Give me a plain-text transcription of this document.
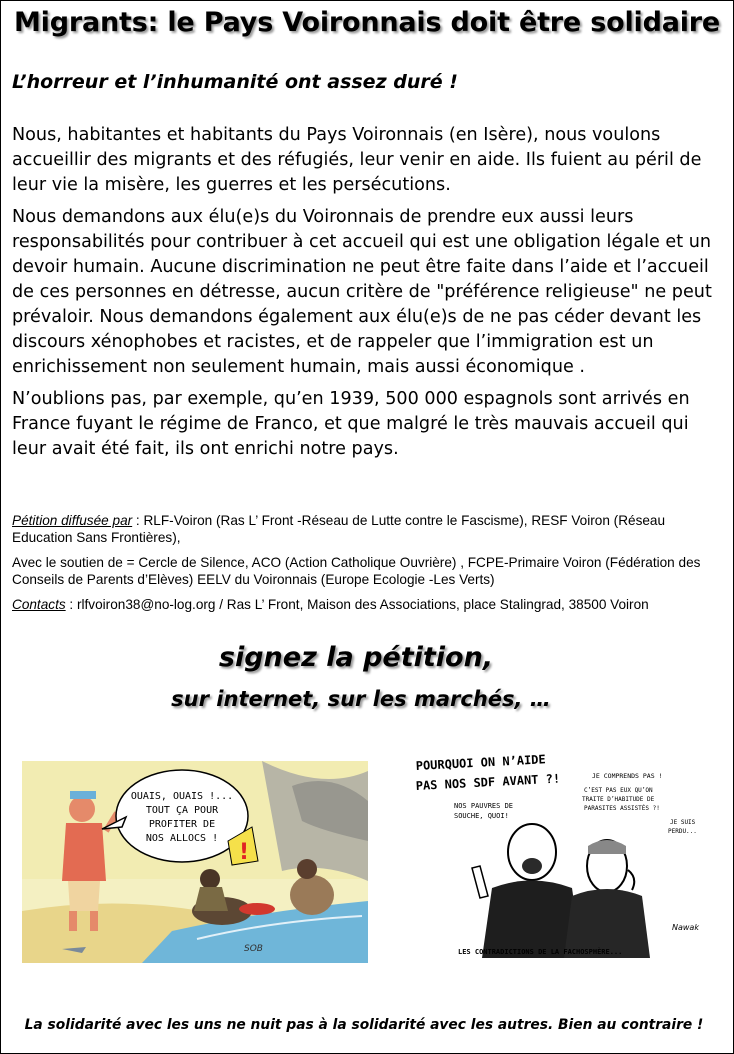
Migrants: le Pays Voironnais doit être solidaire
L’horreur et l’inhumanité ont assez duré !

Nous, habitantes et habitants du Pays Voironnais (en Isère), nous voulons accueillir des migrants et des réfugiés, leur venir en aide. Ils fuient au péril de leur vie la misère, les guerres et les persécutions.

Nous demandons aux élu(e)s du Voironnais de prendre eux aussi leurs responsabilités pour contribuer à cet accueil qui est une obligation légale et un devoir humain. Aucune discrimination ne peut être faite dans l’aide et l’accueil de ces personnes en détresse, aucun critère de "préférence religieuse" ne peut prévaloir. Nous demandons également aux élu(e)s de ne pas céder devant les discours xénophobes et racistes, et de rappeler que l’immigration est un enrichissement non seulement humain, mais aussi économique .

N’oublions pas, par exemple, qu’en 1939, 500 000 espagnols sont arrivés en France fuyant le régime de Franco, et que malgré le très mauvais accueil qui leur avait été fait, ils ont enrichi notre pays.

Pétition diffusée par : RLF-Voiron (Ras L’ Front -Réseau de Lutte contre le Fascisme), RESF Voiron (Réseau Education Sans Frontières),
Avec le soutien de = Cercle de Silence, ACO (Action Catholique Ouvrière) , FCPE-Primaire Voiron (Fédération des Conseils de Parents d’Elèves) EELV du Voironnais (Europe Ecologie -Les Verts)
Contacts : rlfvoiron38@no-log.org / Ras L’ Front, Maison des Associations, place Stalingrad, 38500 Voiron
signez la pétition,
sur internet, sur les marchés, …
OUAIS, OUAIS !...
TOUT ÇA POUR
PROFITER DE
NOS ALLOCS !
!
SOB
POURQUOI ON N’AIDE
PAS NOS SDF AVANT ?!
NOS PAUVRES DE
SOUCHE, QUOI!
JE COMPRENDS PAS !
C’EST PAS EUX QU’ON
TRAITE D’HABITUDE DE
PARASITES ASSISTÉS ?!
JE SUIS
PERDU...
LES CONTRADICTIONS DE LA FACHOSPHÈRE...
Nawak
La solidarité avec les uns ne nuit pas à la solidarité avec les autres. Bien au contraire !
